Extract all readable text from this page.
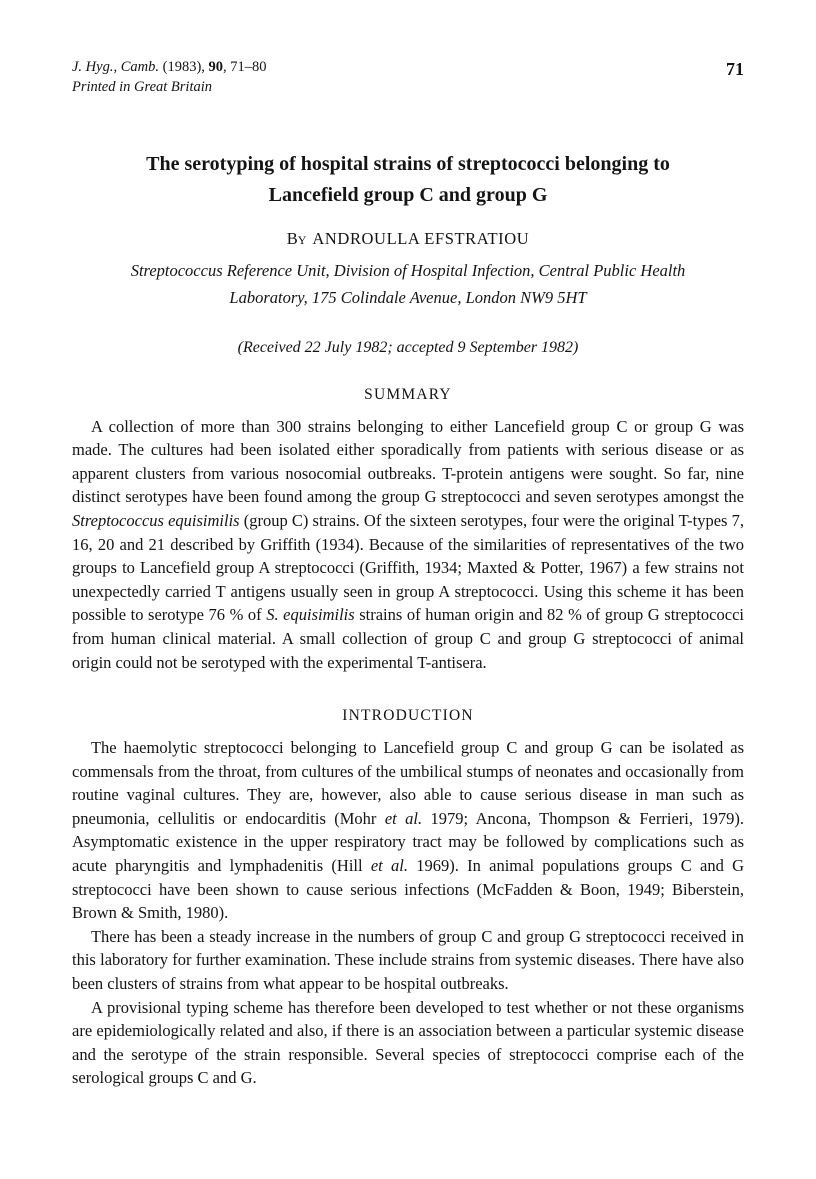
J. Hyg., Camb. (1983), 90, 71–80
Printed in Great Britain
71
The serotyping of hospital strains of streptococci belonging to
Lancefield group C and group G
By ANDROULLA EFSTRATIOU
Streptococcus Reference Unit, Division of Hospital Infection, Central Public Health
Laboratory, 175 Colindale Avenue, London NW9 5HT
(Received 22 July 1982; accepted 9 September 1982)
SUMMARY

A collection of more than 300 strains belonging to either Lancefield group C or group G was made. The cultures had been isolated either sporadically from patients with serious disease or as apparent clusters from various nosocomial outbreaks. T-protein antigens were sought. So far, nine distinct serotypes have been found among the group G streptococci and seven serotypes amongst the Streptococcus equisimilis (group C) strains. Of the sixteen serotypes, four were the original T-types 7, 16, 20 and 21 described by Griffith (1934). Because of the similarities of representatives of the two groups to Lancefield group A streptococci (Griffith, 1934; Maxted & Potter, 1967) a few strains not unexpectedly carried T antigens usually seen in group A streptococci. Using this scheme it has been possible to serotype 76 % of S. equisimilis strains of human origin and 82 % of group G streptococci from human clinical material. A small collection of group C and group G streptococci of animal origin could not be serotyped with the experimental T-antisera.

INTRODUCTION

The haemolytic streptococci belonging to Lancefield group C and group G can be isolated as commensals from the throat, from cultures of the umbilical stumps of neonates and occasionally from routine vaginal cultures. They are, however, also able to cause serious disease in man such as pneumonia, cellulitis or endocarditis (Mohr et al. 1979; Ancona, Thompson & Ferrieri, 1979). Asymptomatic existence in the upper respiratory tract may be followed by complications such as acute pharyngitis and lymphadenitis (Hill et al. 1969). In animal populations groups C and G streptococci have been shown to cause serious infections (McFadden & Boon, 1949; Biberstein, Brown & Smith, 1980).

There has been a steady increase in the numbers of group C and group G streptococci received in this laboratory for further examination. These include strains from systemic diseases. There have also been clusters of strains from what appear to be hospital outbreaks.

A provisional typing scheme has therefore been developed to test whether or not these organisms are epidemiologically related and also, if there is an association between a particular systemic disease and the serotype of the strain responsible. Several species of streptococci comprise each of the serological groups C and G.
